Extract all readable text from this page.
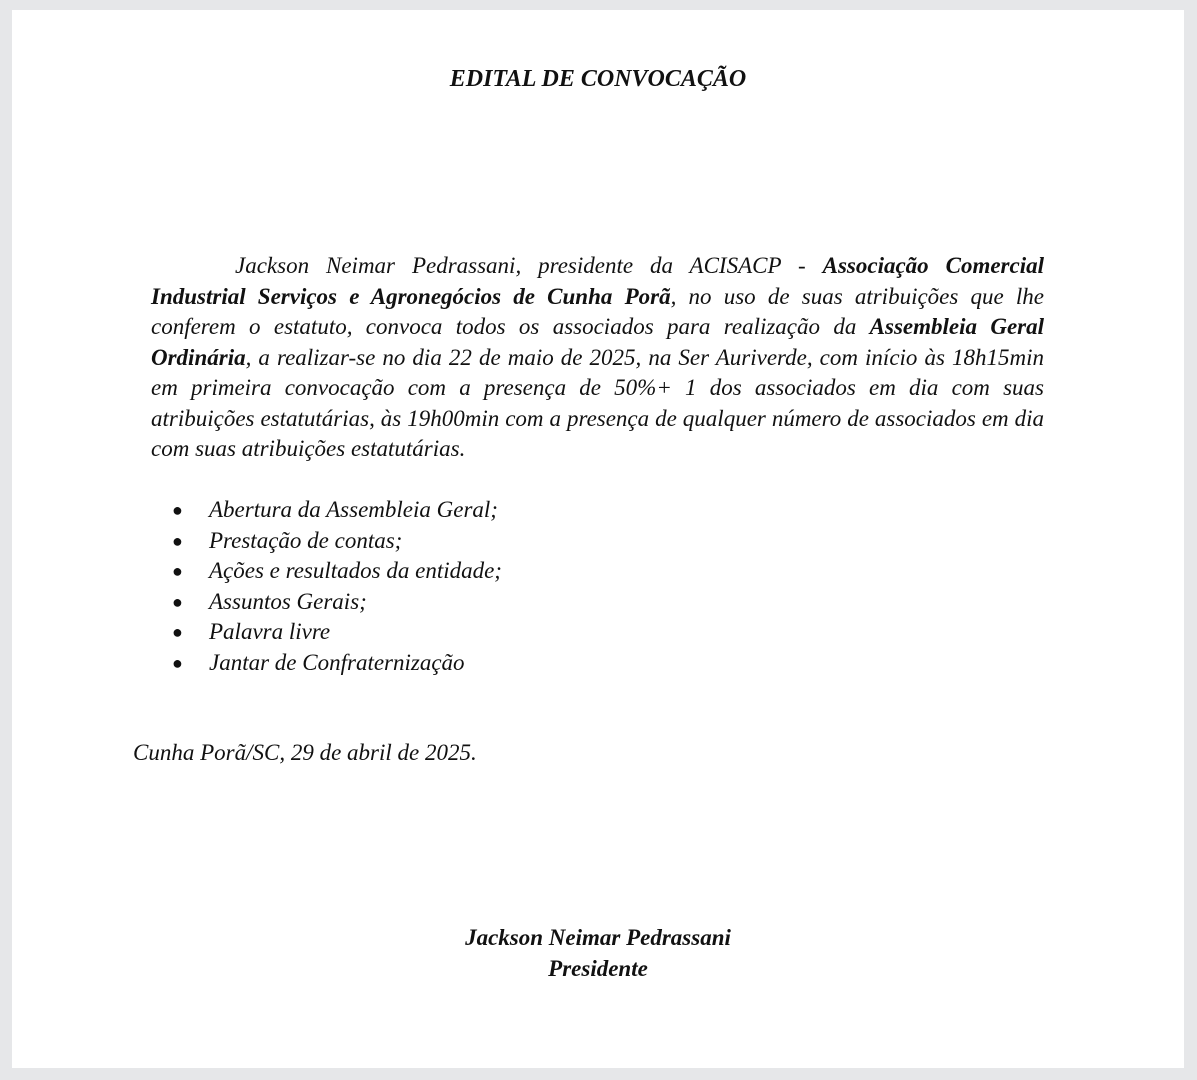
EDITAL DE CONVOCAÇÃO

Jackson Neimar Pedrassani, presidente da ACISACP - Associação Comercial Industrial Serviços e Agronegócios de Cunha Porã, no uso de suas atribuições que lhe conferem o estatuto, convoca todos os associados para realização da Assembleia Geral Ordinária, a realizar-se no dia 22 de maio de 2025, na Ser Auriverde, com início às 18h15min em primeira convocação com a presença de 50%+ 1 dos associados em dia com suas atribuições estatutárias, às 19h00min com a presença de qualquer número de associados em dia com suas atribuições estatutárias.

● Abertura da Assembleia Geral;
● Prestação de contas;
● Ações e resultados da entidade;
● Assuntos Gerais;
● Palavra livre
● Jantar de Confraternização

Cunha Porã/SC, 29 de abril de 2025.

Jackson Neimar Pedrassani
Presidente
